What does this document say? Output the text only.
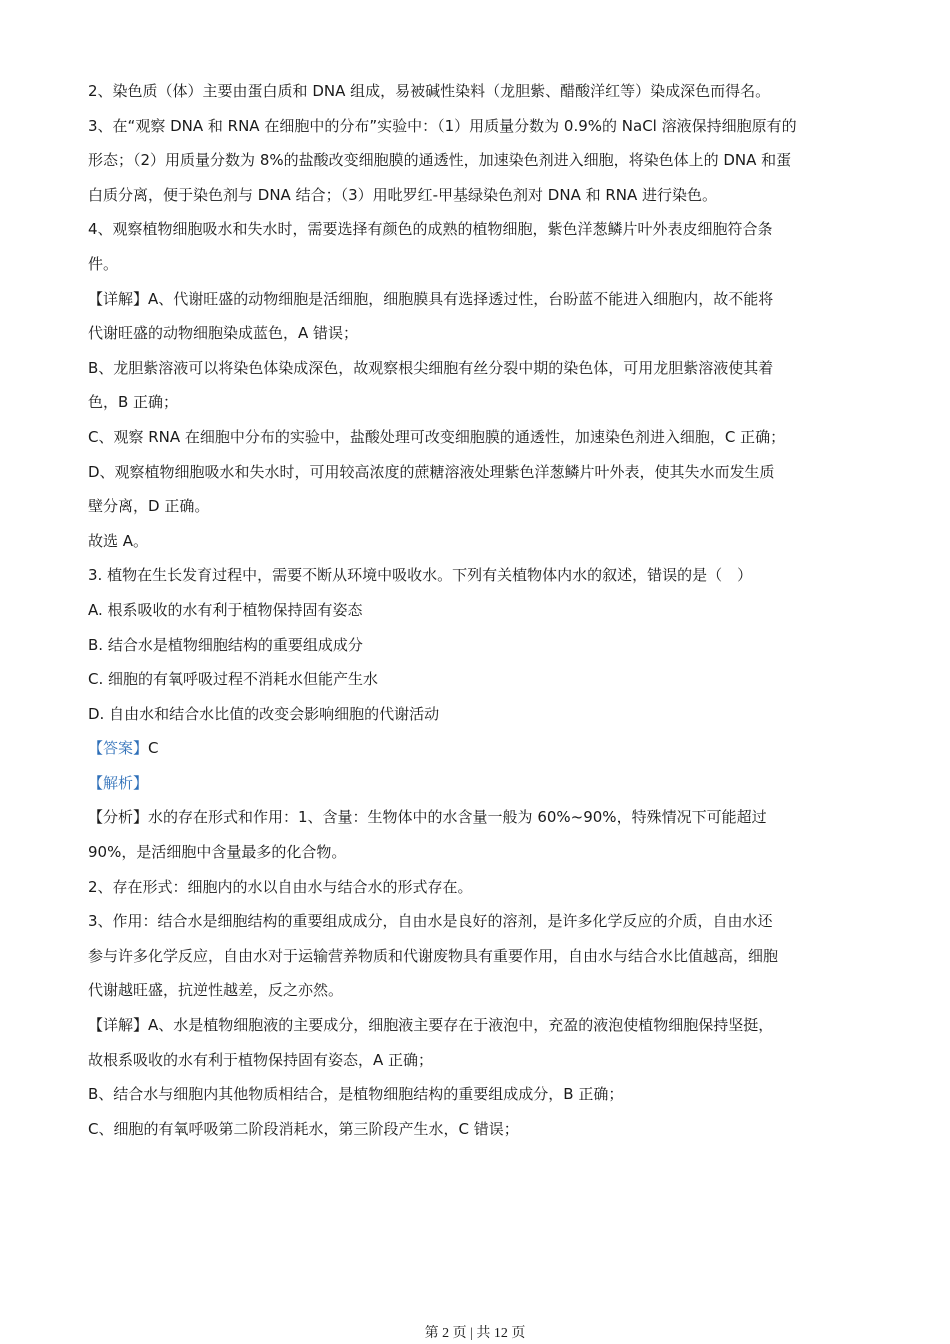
2、染色质（体）主要由蛋白质和 DNA 组成，易被碱性染料（龙胆紫、醋酸洋红等）染成深色而得名。
3、在“观察 DNA 和 RNA 在细胞中的分布”实验中：（1）用质量分数为 0.9%的 NaCl 溶液保持细胞原有的
形态；（2）用质量分数为 8%的盐酸改变细胞膜的通透性，加速染色剂进入细胞，将染色体上的 DNA 和蛋
白质分离，便于染色剂与 DNA 结合；（3）用吡罗红-甲基绿染色剂对 DNA 和 RNA 进行染色。
4、观察植物细胞吸水和失水时，需要选择有颜色的成熟的植物细胞，紫色洋葱鳞片叶外表皮细胞符合条
件。
【详解】A、代谢旺盛的动物细胞是活细胞，细胞膜具有选择透过性，台盼蓝不能进入细胞内，故不能将
代谢旺盛的动物细胞染成蓝色，A 错误；
B、龙胆紫溶液可以将染色体染成深色，故观察根尖细胞有丝分裂中期的染色体，可用龙胆紫溶液使其着
色，B 正确；
C、观察 RNA 在细胞中分布的实验中，盐酸处理可改变细胞膜的通透性，加速染色剂进入细胞，C 正确；
D、观察植物细胞吸水和失水时，可用较高浓度的蔗糖溶液处理紫色洋葱鳞片叶外表，使其失水而发生质
壁分离，D 正确。
故选 A。
3. 植物在生长发育过程中，需要不断从环境中吸收水。下列有关植物体内水的叙述，错误的是（　）
A. 根系吸收的水有利于植物保持固有姿态
B. 结合水是植物细胞结构的重要组成成分
C. 细胞的有氧呼吸过程不消耗水但能产生水
D. 自由水和结合水比值的改变会影响细胞的代谢活动
【答案】C
【解析】
【分析】水的存在形式和作用：1、含量：生物体中的水含量一般为 60%~90%，特殊情况下可能超过
90%，是活细胞中含量最多的化合物。
2、存在形式：细胞内的水以自由水与结合水的形式存在。
3、作用：结合水是细胞结构的重要组成成分，自由水是良好的溶剂，是许多化学反应的介质，自由水还
参与许多化学反应，自由水对于运输营养物质和代谢废物具有重要作用，自由水与结合水比值越高，细胞
代谢越旺盛，抗逆性越差，反之亦然。
【详解】A、水是植物细胞液的主要成分，细胞液主要存在于液泡中，充盈的液泡使植物细胞保持坚挺，
故根系吸收的水有利于植物保持固有姿态，A 正确；
B、结合水与细胞内其他物质相结合，是植物细胞结构的重要组成成分，B 正确；
C、细胞的有氧呼吸第二阶段消耗水，第三阶段产生水，C 错误；
第 2 页 | 共 12 页
